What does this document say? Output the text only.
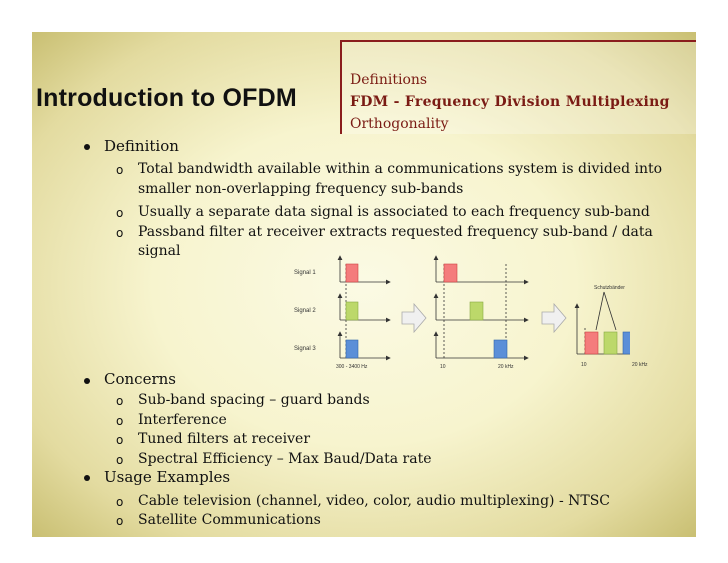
Introduction to OFDM
Definitions
FDM - Frequency Division Multiplexing
Orthogonality
Definition
o Total bandwidth available within a communications system is divided into
smaller non-overlapping frequency sub-bands
o Usually a separate data signal is associated to each frequency sub-band
o Passband filter at receiver extracts requested frequency sub-band / data signal
Signal 1
Signal 2
Signal 3
300 - 3400 Hz	10	20 kHz
Schutzbänder
10	20 kHz
Concerns
o Sub-band spacing – guard bands
o Interference
o Tuned filters at receiver
o Spectral Efficiency – Max Baud/Data rate
Usage Examples
o Cable television (channel, video, color, audio multiplexing) - NTSC
o Satellite Communications
